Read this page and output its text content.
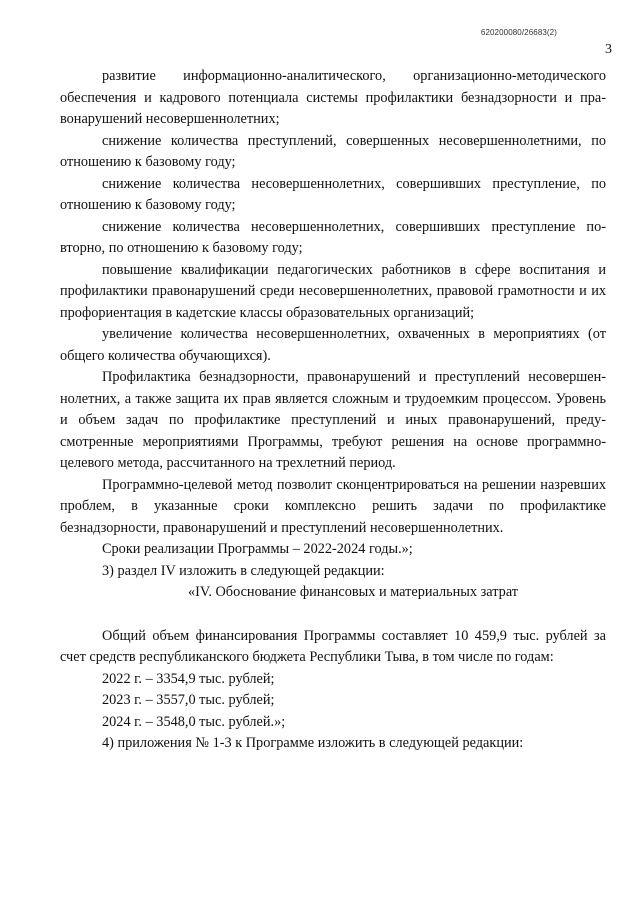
620200080/26683(2)
3

развитие информационно-аналитического, организационно-методического обеспечения и кадрового потенциала системы профилактики безнадзорности и правонарушений несовершеннолетних;

снижение количества преступлений, совершенных несовершеннолетними, по отношению к базовому году;

снижение количества несовершеннолетних, совершивших преступление, по отношению к базовому году;

снижение количества несовершеннолетних, совершивших преступление повторно, по отношению к базовому году;

повышение квалификации педагогических работников в сфере воспитания и профилактики правонарушений среди несовершеннолетних, правовой грамотности и их профориентация в кадетские классы образовательных организаций;

увеличение количества несовершеннолетних, охваченных в мероприятиях (от общего количества обучающихся).

Профилактика безнадзорности, правонарушений и преступлений несовершеннолетних, а также защита их прав является сложным и трудоемким процессом. Уровень и объем задач по профилактике преступлений и иных правонарушений, предусмотренные мероприятиями Программы, требуют решения на основе программно-целевого метода, рассчитанного на трехлетний период.

Программно-целевой метод позволит сконцентрироваться на решении назревших проблем, в указанные сроки комплексно решить задачи по профилактике безнадзорности, правонарушений и преступлений несовершеннолетних.

Сроки реализации Программы – 2022-2024 годы.»;

3) раздел IV изложить в следующей редакции:

«IV. Обоснование финансовых и материальных затрат

Общий объем финансирования Программы составляет 10 459,9 тыс. рублей за счет средств республиканского бюджета Республики Тыва, в том числе по годам:

2022 г. – 3354,9 тыс. рублей;

2023 г. – 3557,0 тыс. рублей;

2024 г. – 3548,0 тыс. рублей.»;

4) приложения № 1-3 к Программе изложить в следующей редакции:
